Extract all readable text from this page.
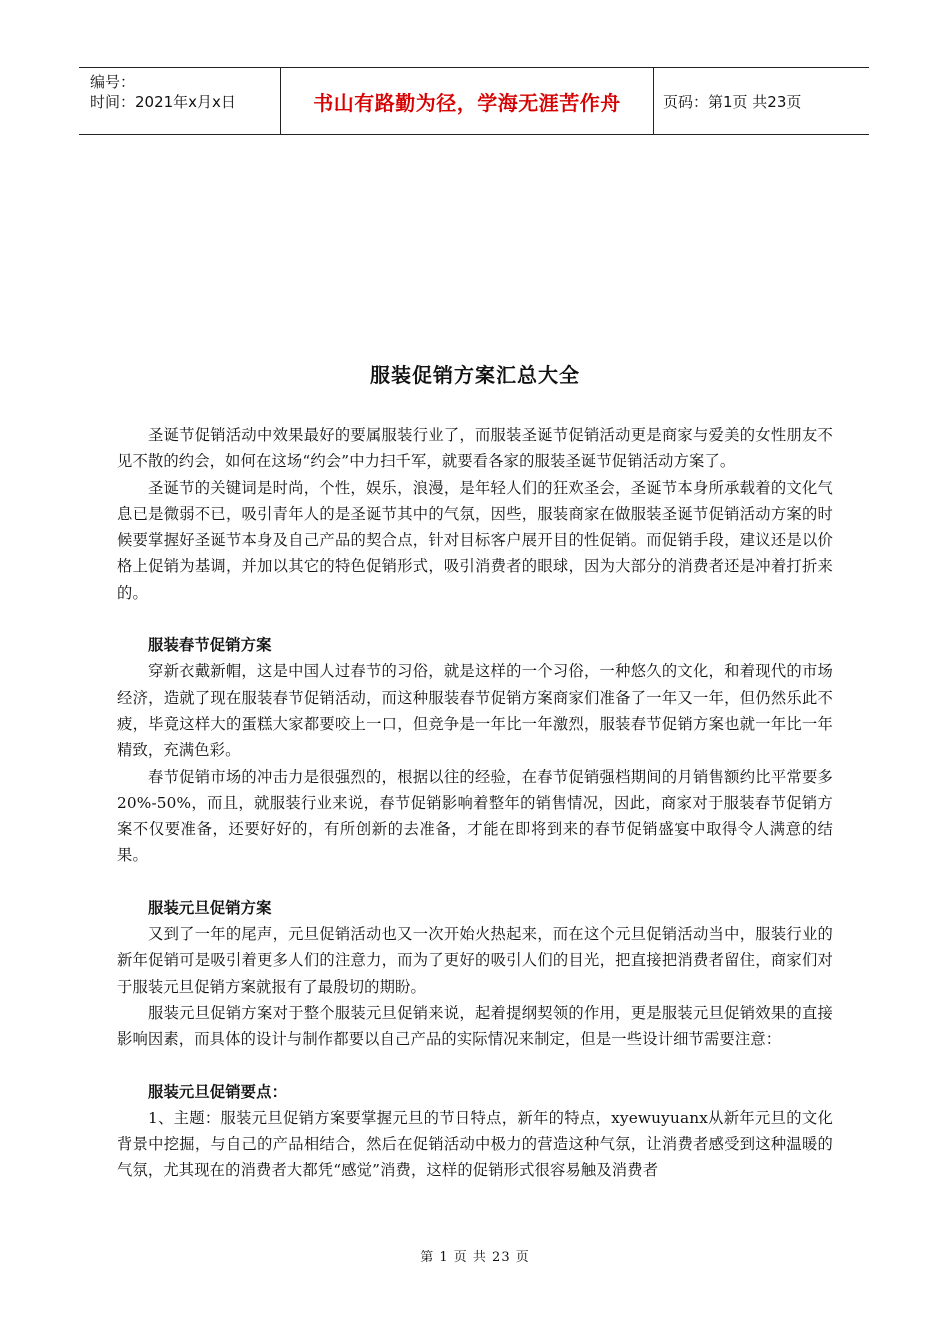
编号：
时间：2021年x月x日	书山有路勤为径，学海无涯苦作舟	页码：第1页 共23页
服装促销方案汇总大全

圣诞节促销活动中效果最好的要属服装行业了，而服装圣诞节促销活动更是商家与爱美的女性朋友不见不散的约会，如何在这场“约会”中力扫千军，就要看各家的服装圣诞节促销活动方案了。

圣诞节的关键词是时尚，个性，娱乐，浪漫，是年轻人们的狂欢圣会，圣诞节本身所承载着的文化气息已是微弱不已，吸引青年人的是圣诞节其中的气氛，因些，服装商家在做服装圣诞节促销活动方案的时候要掌握好圣诞节本身及自己产品的契合点，针对目标客户展开目的性促销。而促销手段，建议还是以价格上促销为基调，并加以其它的特色促销形式，吸引消费者的眼球，因为大部分的消费者还是冲着打折来的。

服装春节促销方案

穿新衣戴新帽，这是中国人过春节的习俗，就是这样的一个习俗，一种悠久的文化，和着现代的市场经济，造就了现在服装春节促销活动，而这种服装春节促销方案商家们准备了一年又一年，但仍然乐此不疲，毕竟这样大的蛋糕大家都要咬上一口，但竞争是一年比一年激烈，服装春节促销方案也就一年比一年精致，充满色彩。

春节促销市场的冲击力是很强烈的，根据以往的经验，在春节促销强档期间的月销售额约比平常要多20%-50%，而且，就服装行业来说，春节促销影响着整年的销售情况，因此，商家对于服装春节促销方案不仅要准备，还要好好的，有所创新的去准备，才能在即将到来的春节促销盛宴中取得令人满意的结果。

服装元旦促销方案

又到了一年的尾声，元旦促销活动也又一次开始火热起来，而在这个元旦促销活动当中，服装行业的新年促销可是吸引着更多人们的注意力，而为了更好的吸引人们的目光，把直接把消费者留住，商家们对于服装元旦促销方案就报有了最殷切的期盼。

服装元旦促销方案对于整个服装元旦促销来说，起着提纲契领的作用，更是服装元旦促销效果的直接影响因素，而具体的设计与制作都要以自己产品的实际情况来制定，但是一些设计细节需要注意：

服装元旦促销要点：

1、主题：服装元旦促销方案要掌握元旦的节日特点，新年的特点，xyewuyuanx从新年元旦的文化背景中挖掘，与自己的产品相结合，然后在促销活动中极力的营造这种气氛，让消费者感受到这种温暖的气氛，尤其现在的消费者大都凭“感觉”消费，这样的促销形式很容易触及消费者

第 1 页 共 23 页
